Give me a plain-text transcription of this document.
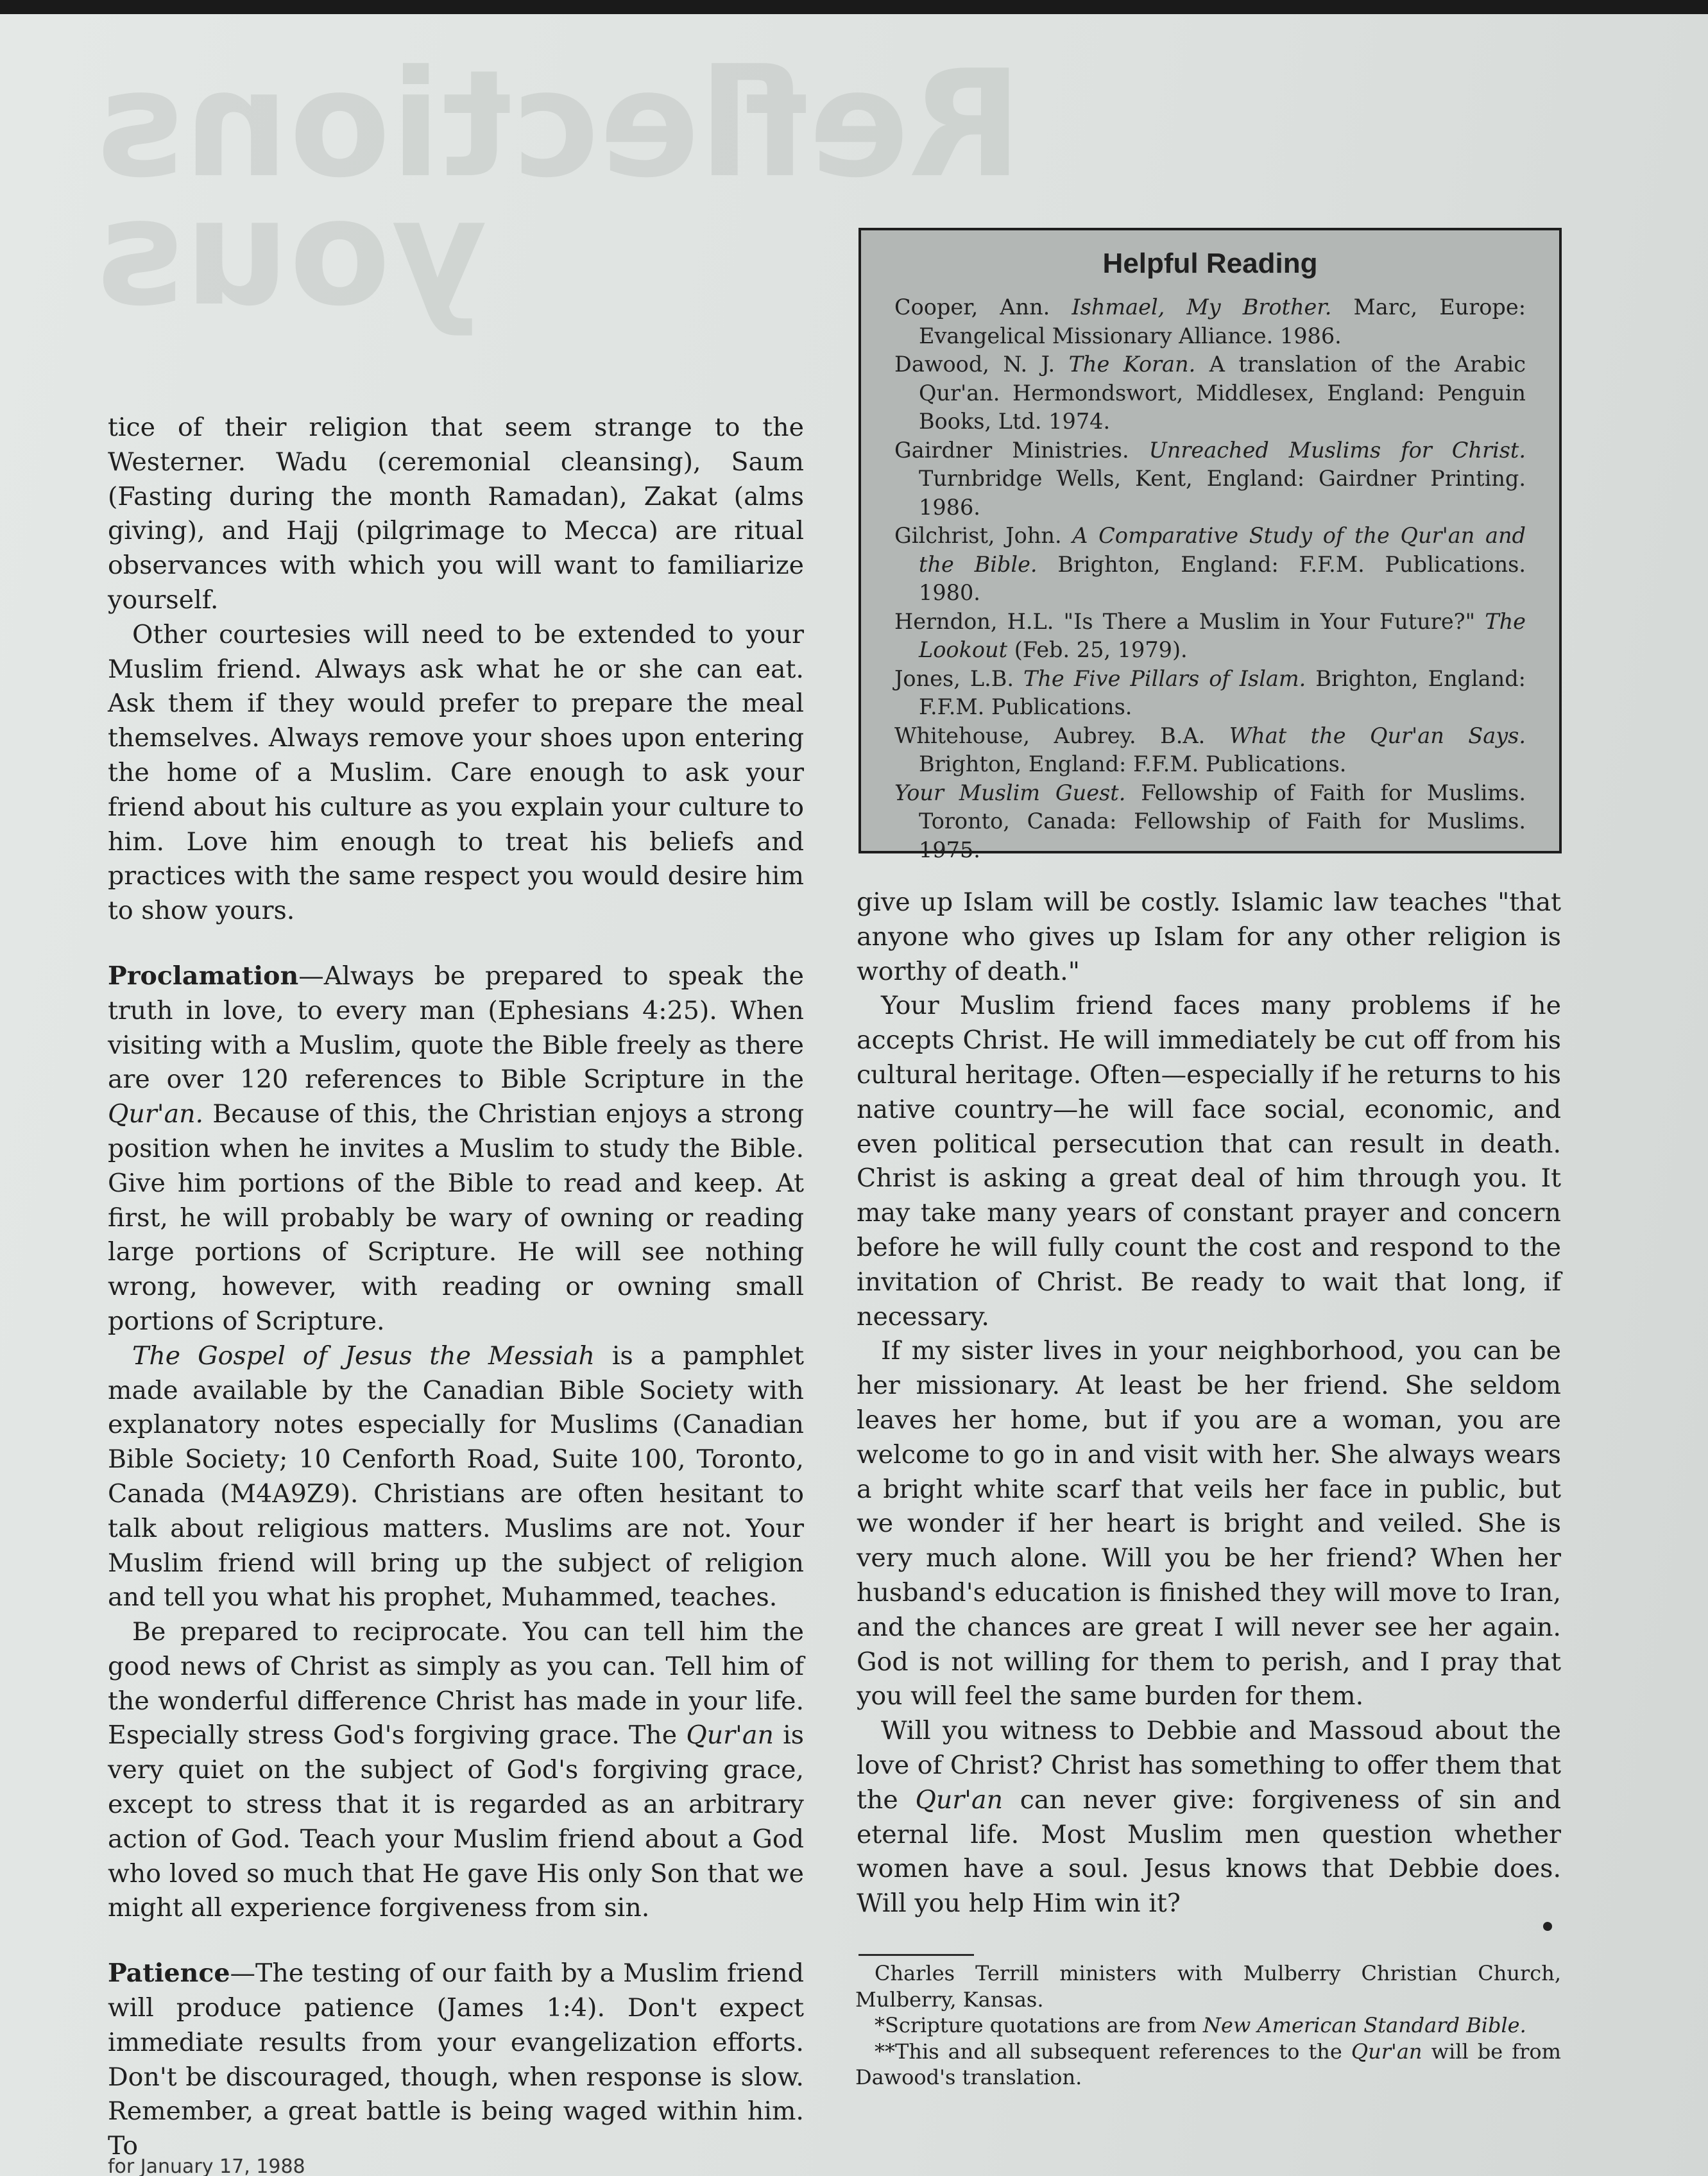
Reflections
yous

tice of their religion that seem strange to the Westerner. Wadu (ceremonial cleansing), Saum (Fasting during the month Ramadan), Zakat (alms giving), and Hajj (pilgrimage to Mecca) are ritual observances with which you will want to familiarize yourself.

Other courtesies will need to be extended to your Muslim friend. Always ask what he or she can eat. Ask them if they would prefer to prepare the meal themselves. Always remove your shoes upon entering the home of a Muslim. Care enough to ask your friend about his culture as you explain your culture to him. Love him enough to treat his beliefs and practices with the same respect you would desire him to show yours.

Proclamation—Always be prepared to speak the truth in love, to every man (Ephesians 4:25). When visiting with a Muslim, quote the Bible freely as there are over 120 references to Bible Scripture in the Qur'an. Because of this, the Christian enjoys a strong position when he invites a Muslim to study the Bible. Give him portions of the Bible to read and keep. At first, he will probably be wary of owning or reading large portions of Scripture. He will see nothing wrong, however, with reading or owning small portions of Scripture.

The Gospel of Jesus the Messiah is a pamphlet made available by the Canadian Bible Society with explanatory notes especially for Muslims (Canadian Bible Society; 10 Cenforth Road, Suite 100, Toronto, Canada (M4A9Z9). Christians are often hesitant to talk about religious matters. Muslims are not. Your Muslim friend will bring up the subject of religion and tell you what his prophet, Muhammed, teaches.

Be prepared to reciprocate. You can tell him the good news of Christ as simply as you can. Tell him of the wonderful difference Christ has made in your life. Especially stress God's forgiving grace. The Qur'an is very quiet on the subject of God's forgiving grace, except to stress that it is regarded as an arbitrary action of God. Teach your Muslim friend about a God who loved so much that He gave His only Son that we might all experience forgiveness from sin.

Patience—The testing of our faith by a Muslim friend will produce patience (James 1:4). Don't expect immediate results from your evangelization efforts. Don't be discouraged, though, when response is slow. Remember, a great battle is being waged within him. To

Helpful Reading

Cooper, Ann. Ishmael, My Brother. Marc, Europe: Evangelical Missionary Alliance. 1986.

Dawood, N. J. The Koran. A translation of the Arabic Qur'an. Hermondswort, Middlesex, England: Penguin Books, Ltd. 1974.

Gairdner Ministries. Unreached Muslims for Christ. Turnbridge Wells, Kent, England: Gairdner Printing. 1986.

Gilchrist, John. A Comparative Study of the Qur'an and the Bible. Brighton, England: F.F.M. Publications. 1980.

Herndon, H.L. "Is There a Muslim in Your Future?" The Lookout (Feb. 25, 1979).

Jones, L.B. The Five Pillars of Islam. Brighton, England: F.F.M. Publications.

Whitehouse, Aubrey. B.A. What the Qur'an Says. Brighton, England: F.F.M. Publications.

Your Muslim Guest. Fellowship of Faith for Muslims. Toronto, Canada: Fellowship of Faith for Muslims. 1975.

give up Islam will be costly. Islamic law teaches "that anyone who gives up Islam for any other religion is worthy of death."

Your Muslim friend faces many problems if he accepts Christ. He will immediately be cut off from his cultural heritage. Often—especially if he returns to his native country—he will face social, economic, and even political persecution that can result in death. Christ is asking a great deal of him through you. It may take many years of constant prayer and concern before he will fully count the cost and respond to the invitation of Christ. Be ready to wait that long, if necessary.

If my sister lives in your neighborhood, you can be her missionary. At least be her friend. She seldom leaves her home, but if you are a woman, you are welcome to go in and visit with her. She always wears a bright white scarf that veils her face in public, but we wonder if her heart is bright and veiled. She is very much alone. Will you be her friend? When her husband's education is finished they will move to Iran, and the chances are great I will never see her again. God is not willing for them to perish, and I pray that you will feel the same burden for them.

Will you witness to Debbie and Massoud about the love of Christ? Christ has something to offer them that the Qur'an can never give: forgiveness of sin and eternal life. Most Muslim men question whether women have a soul. Jesus knows that Debbie does. Will you help Him win it?

Charles Terrill ministers with Mulberry Christian Church, Mulberry, Kansas.

*Scripture quotations are from New American Standard Bible.

**This and all subsequent references to the Qur'an will be from Dawood's translation.

for January 17, 1988
